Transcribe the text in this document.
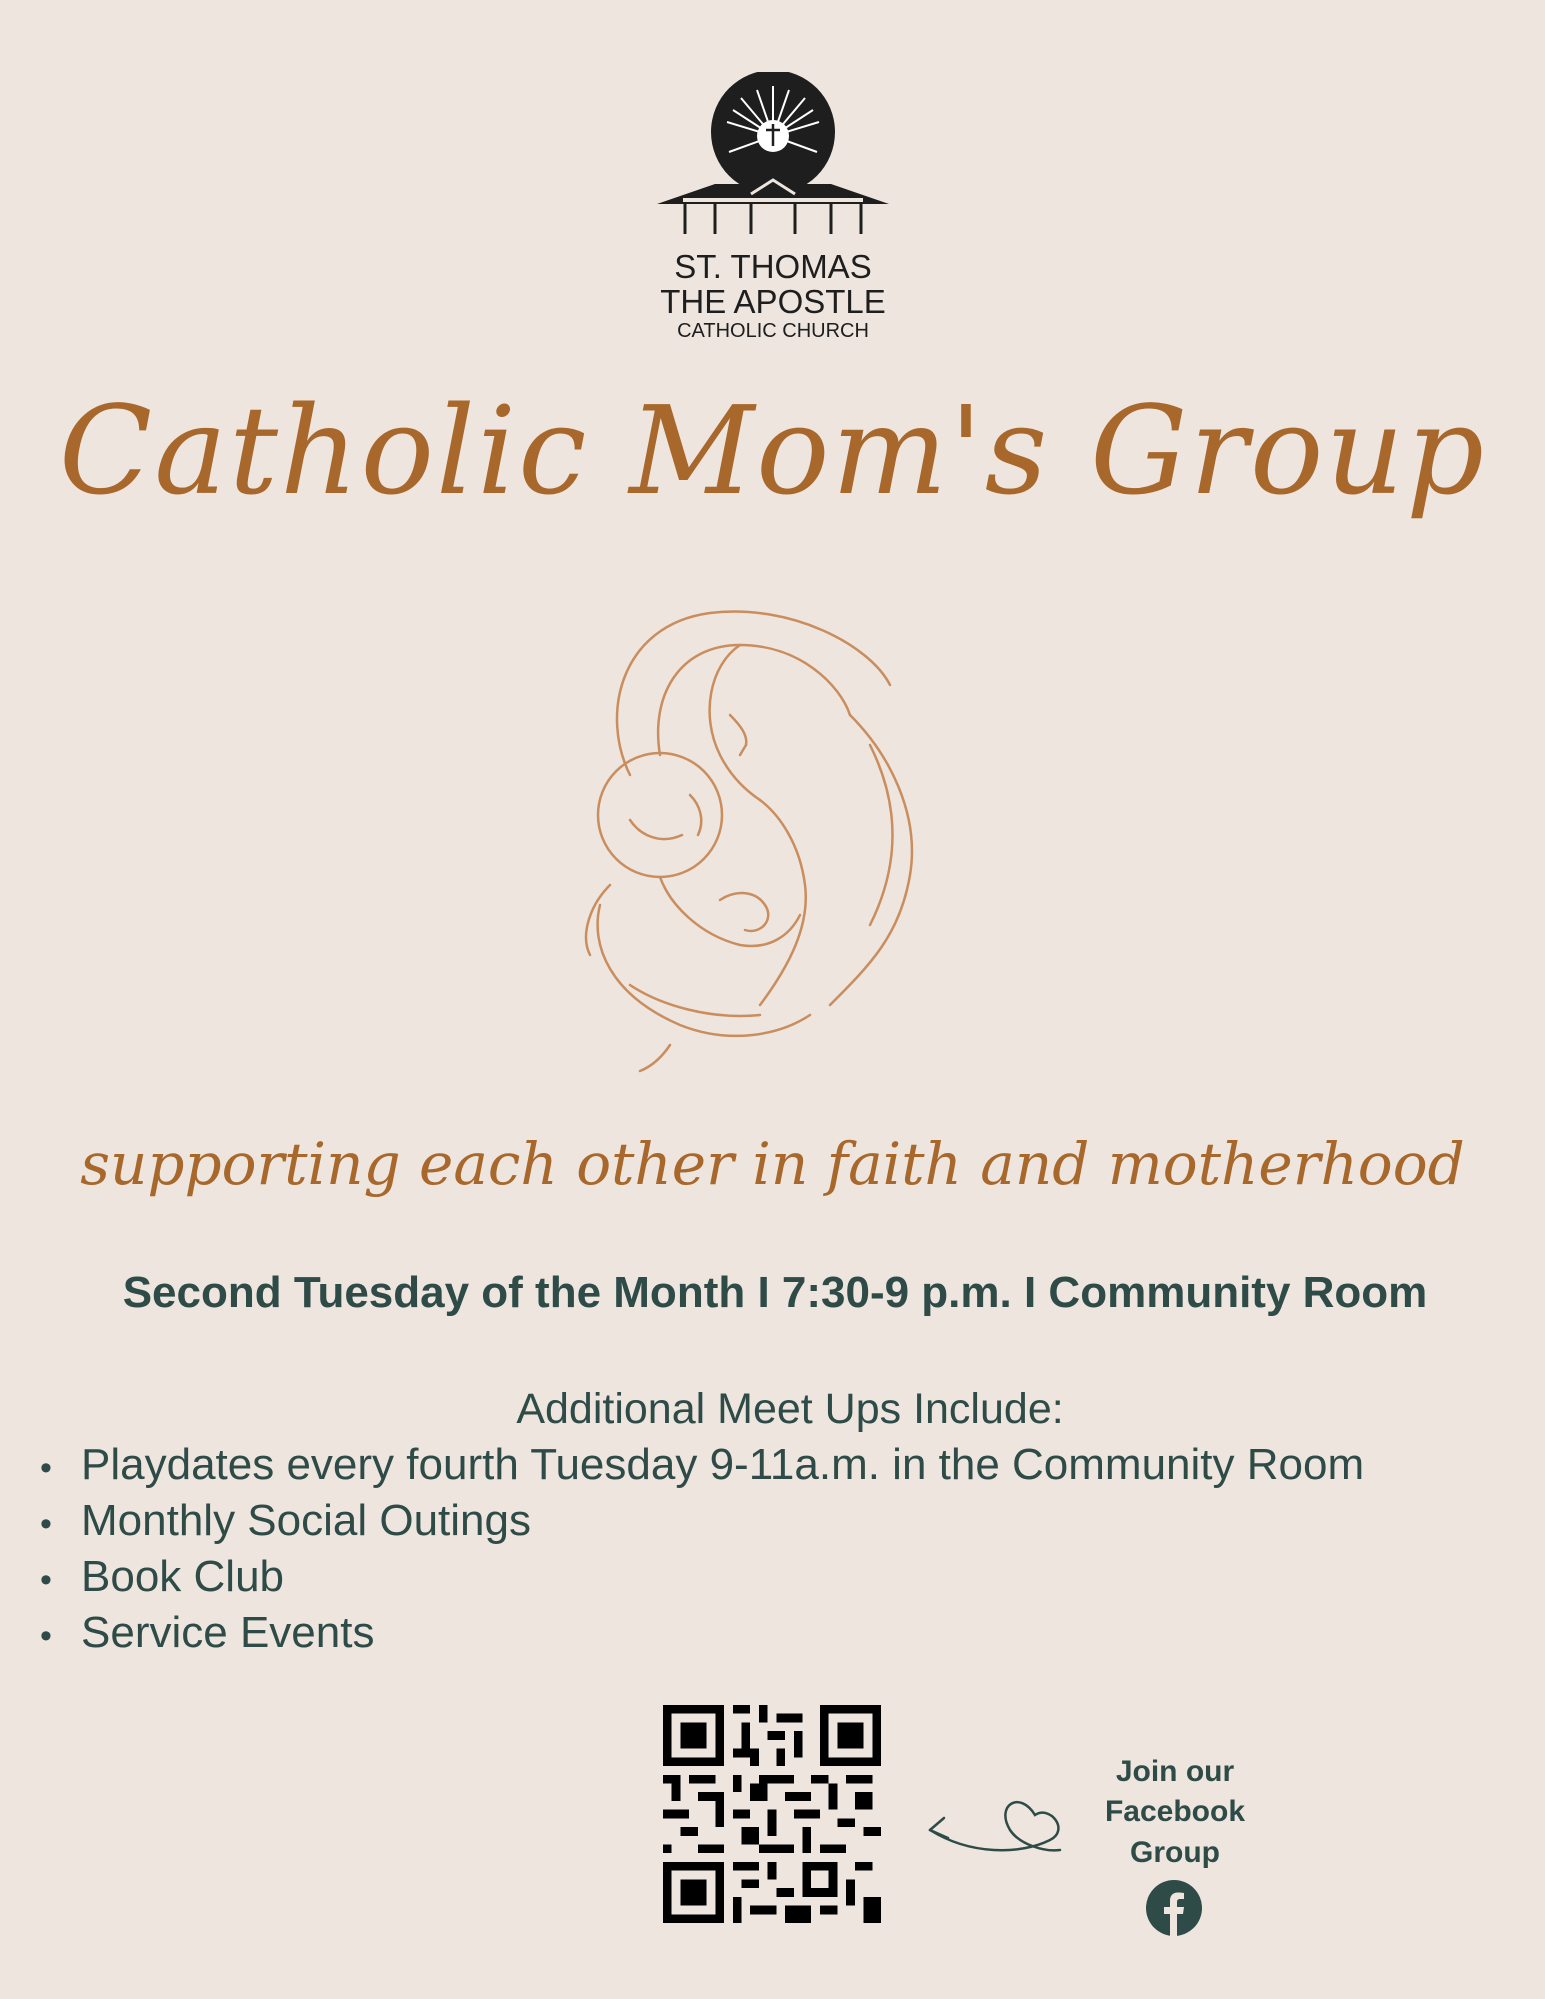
ST. THOMAS
THE APOSTLE
CATHOLIC CHURCH
Catholic Mom's Group
supporting each other in faith and motherhood
Second Tuesday of the Month I 7:30-9 p.m. I Community Room
Additional Meet Ups Include:
• Playdates every fourth Tuesday 9-11a.m. in the Community Room
• Monthly Social Outings
• Book Club
• Service Events
Join our
Facebook
Group
